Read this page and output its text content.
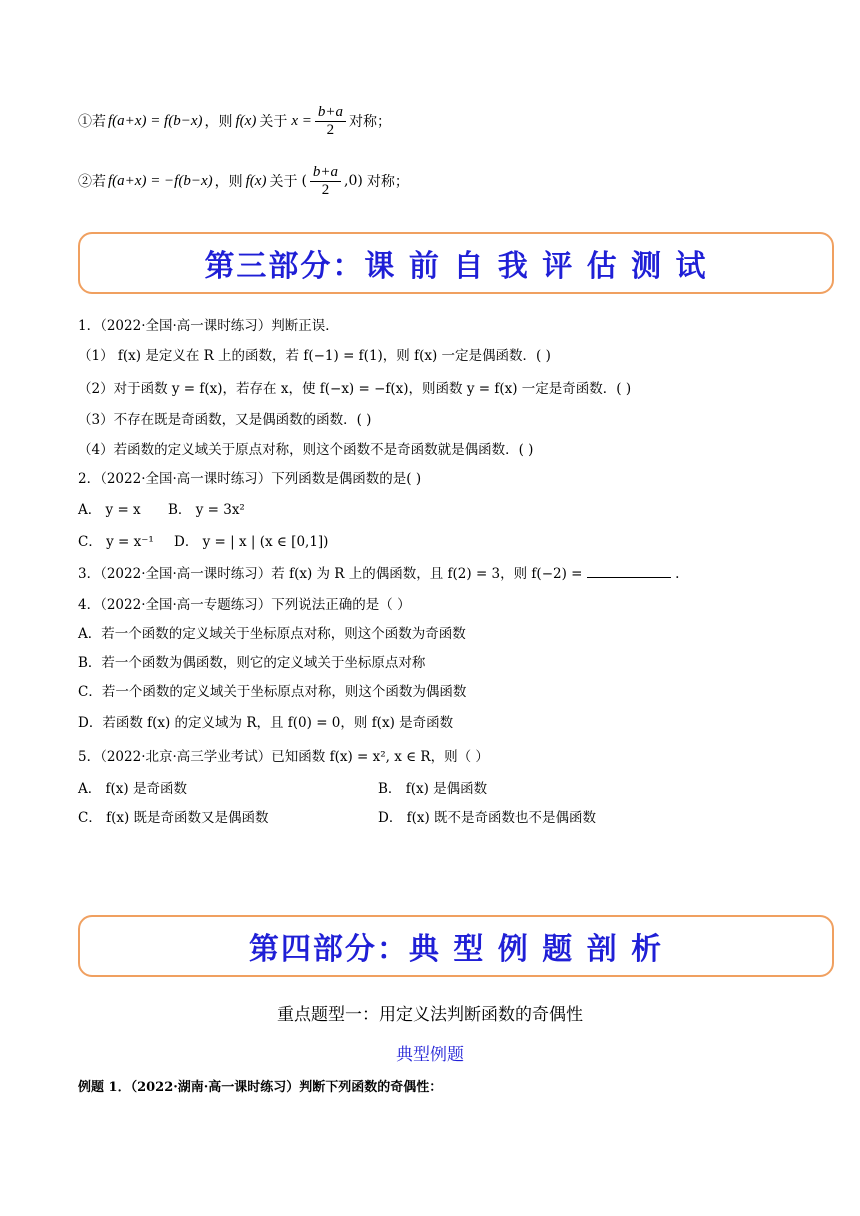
①若 f(a+x) = f(b−x) ，则 f(x) 关于 $x = \frac{b+a}{2}$ 对称；
②若 f(a+x) = −f(b−x) ，则 f(x) 关于 ( $\frac{b+a}{2} ,0$) 对称；
第三部分：课 前 自 我 评 估 测 试
1．（2022·全国·高一课时练习）判断正误．
（1） f(x) 是定义在 R 上的函数，若 f(−1) = f(1)，则 f(x) 一定是偶函数．( )
（2）对于函数 y = f(x)，若存在 x，使 f(−x) = −f(x)，则函数 y = f(x) 一定是奇函数．( )
（3）不存在既是奇函数，又是偶函数的函数．( )
（4）若函数的定义域关于原点对称，则这个函数不是奇函数就是偶函数．( )
2．（2022·全国·高一课时练习）下列函数是偶函数的是( )
A． y = x B． y = 3x²
C． y = x⁻¹ D． y = | x | (x ∈ [0,1])
3．（2022·全国·高一课时练习）若 f(x) 为 R 上的偶函数，且 f(2) = 3，则 f(−2) =	.
4．（2022·全国·高一专题练习）下列说法正确的是（ ）
A．若一个函数的定义域关于坐标原点对称，则这个函数为奇函数
B．若一个函数为偶函数，则它的定义域关于坐标原点对称
C．若一个函数的定义域关于坐标原点对称，则这个函数为偶函数
D．若函数 f(x) 的定义域为 R，且 f(0) = 0，则 f(x) 是奇函数
5．（2022·北京·高三学业考试）已知函数 f(x) = x², x ∈ R，则（ ）
A． f(x) 是奇函数	B． f(x) 是偶函数
C． f(x) 既是奇函数又是偶函数	D． f(x) 既不是奇函数也不是偶函数
第四部分：典 型 例 题 剖 析
重点题型一：用定义法判断函数的奇偶性
典型例题
例题 1．（2022·湖南·高一课时练习）判断下列函数的奇偶性：
